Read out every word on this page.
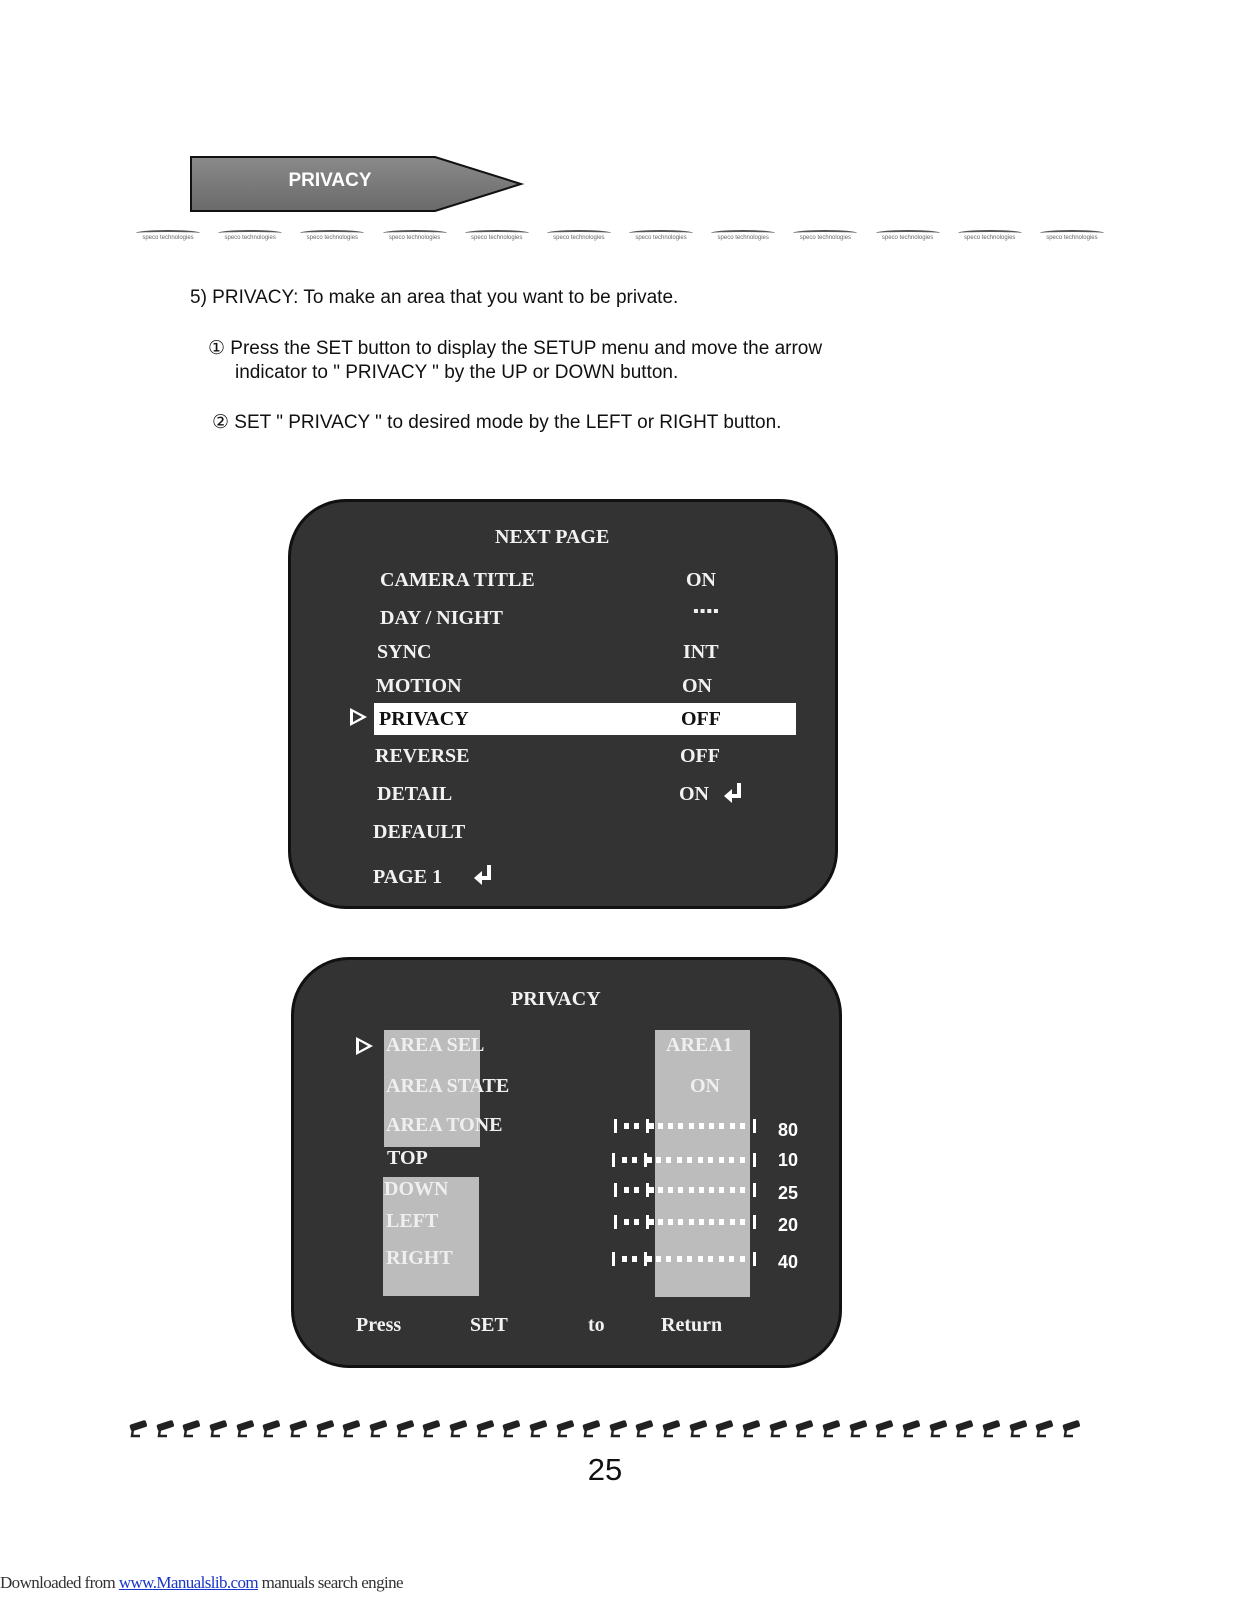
PRIVACY
speco technologies	speco technologies	speco technologies	speco technologies	speco technologies	speco technologies	speco technologies	speco technologies	speco technologies	speco technologies	speco technologies	speco technologies
5) PRIVACY: To make an area that you want to be private.
① Press the SET button to display the SETUP menu and move the arrow
indicator to " PRIVACY " by the UP or DOWN button.
② SET " PRIVACY " to desired mode by the LEFT or RIGHT button.
NEXT PAGE
CAMERA TITLE	ON
DAY / NIGHT	▪▪▪▪
SYNC	INT
MOTION	ON
PRIVACY	OFF
REVERSE	OFF
DETAIL	ON
DEFAULT
PAGE 1
PRIVACY
AREA SEL	AREA1
AREA STATE	ON
AREA TONE	80
TOP	10
DOWN	25
LEFT	20
RIGHT	40
Press	SET	to	Return
25
Downloaded from www.Manualslib.com manuals search engine
